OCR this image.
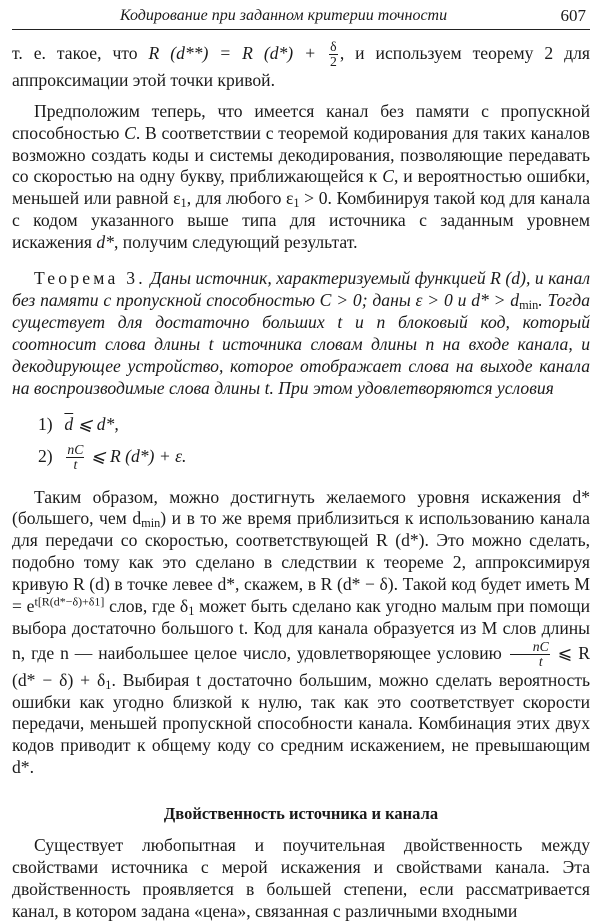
Кодирование при заданном критерии точности	607

т. е. такое, что R (d**) = R $(d*) + \frac{\delta}{2}$ , и используем теорему 2 для аппроксимации этой точки кривой.

Предположим теперь, что имеется канал без памяти с пропускной способностью C. В соответствии с теоремой кодирования для таких каналов возможно создать коды и системы декодирования, позволяющие передавать со скоростью на одну букву, приближающейся к C, и вероятностью ошибки, меньшей или равной $\varepsilon_1$, для любого $\varepsilon_1 > 0$. Комбинируя такой код для канала с кодом указанного выше типа для источника с заданным уровнем искажения d*, получим следующий результат.

Теорема 3. Даны источник, характеризуемый функцией R (d), и канал без памяти с пропускной способностью C > 0; даны ε > 0 и $d* > d_{min}$. Тогда существует для достаточно больших t и n блоковый код, который соотносит слова длины t источника словам длины n на входе канала, и декодирующее устройство, которое отображает слова на выходе канала на воспроизводимые слова длины t. При этом удовлетворяются условия

1) $\overline{d}$ ⩽ d*,
$2) \frac{nC}{t}$ ⩽ R (d*) + ε.

Таким образом, можно достигнуть желаемого уровня искажения d* (большего, чем $d_{min}$) и в то же время приблизиться к использованию канала для передачи со скоростью, соответствующей R (d*). Это можно сделать, подобно тому как это сделано в следствии к теореме 2, аппроксимируя кривую R (d) в точке левее d*, скажем, в R (d* − δ). Такой код будет иметь $M = e^{t[R(d*-\delta)+\delta 1]}$ слов, где $\delta_1$ может быть сделано как угодно малым при помощи выбора достаточно большого t. Код для канала образуется из M слов длины n, где n — наибольшее целое число, удовлетворяющее условию $\frac{nC}{t}$ ⩽ R $(d* - \delta) + \delta_1$. Выбирая t достаточно большим, можно сделать вероятность ошибки как угодно близкой к нулю, так как это соответствует скорости передачи, меньшей пропускной способности канала. Комбинация этих двух кодов приводит к общему коду со средним искажением, не превышающим d*.

Двойственность источника и канала

Существует любопытная и поучительная двойственность между свойствами источника с мерой искажения и свойствами канала. Эта двойственность проявляется в большей степени, если рассматривается канал, в котором задана «цена», связанная с различными входными
